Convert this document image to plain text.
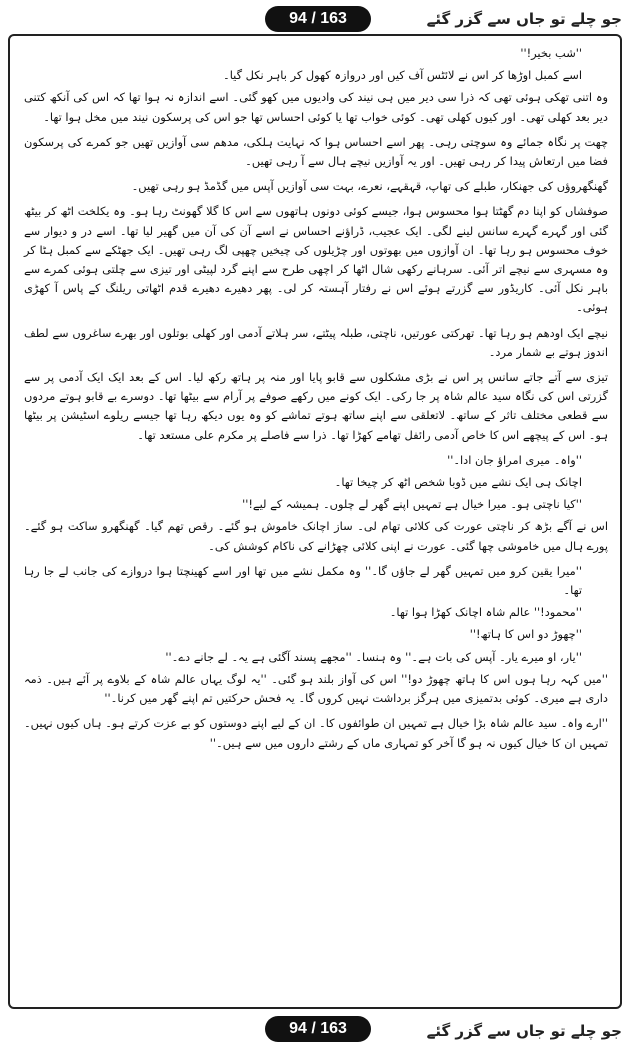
94 / 163	جو چلے تو جاں سے گزر گئے

''شب بخیر!''

اسے کمبل اوڑھا کر اس نے لائٹس آف کیں اور دروازہ کھول کر باہر نکل گیا۔

وہ اتنی تھکی ہوئی تھی کہ ذرا سی دیر میں ہی نیند کی وادیوں میں کھو گئی۔ اسے اندازہ نہ ہوا تھا کہ اس کی آنکھ کتنی دیر بعد کھلی تھی۔ اور کیوں کھلی تھی۔ کوئی خواب تھا یا کوئی احساس تھا جو اس کی پرسکون نیند میں مخل ہوا تھا۔

چھت پر نگاہ جمائے وہ سوچتی رہی۔ پھر اسے احساس ہوا کہ نہایت ہلکی، مدھم سی آوازیں تھیں جو کمرے کی پرسکون فضا میں ارتعاش پیدا کر رہی تھیں۔ اور یہ آوازیں نیچے ہال سے آ رہی تھیں۔

گھنگھروؤں کی جھنکار، طبلے کی تھاپ، قہقہے، نعرے، بہت سی آوازیں آپس میں گڈمڈ ہو رہی تھیں۔

صوفشاں کو اپنا دم گھٹتا ہوا محسوس ہوا، جیسے کوئی دونوں ہاتھوں سے اس کا گلا گھونٹ رہا ہو۔ وہ یکلخت اٹھ کر بیٹھ گئی اور گہرے گہرے سانس لینے لگی۔ ایک عجیب، ڈراؤنے احساس نے اسے آن کی آن میں گھیر لیا تھا۔ اسے در و دیوار سے خوف محسوس ہو رہا تھا۔ ان آوازوں میں بھوتوں اور چڑیلوں کی چیخیں چھپی لگ رہی تھیں۔ ایک جھٹکے سے کمبل ہٹا کر وہ مسہری سے نیچے اتر آئی۔ سرہانے رکھی شال اٹھا کر اچھی طرح سے اپنے گرد لپیٹی اور تیزی سے چلتی ہوئی کمرے سے باہر نکل آئی۔ کاریڈور سے گزرتے ہوئے اس نے رفتار آہستہ کر لی۔ پھر دھیرے دھیرے قدم اٹھاتی ریلنگ کے پاس آ کھڑی ہوئی۔

نیچے ایک اودھم ہو رہا تھا۔ تھرکتی عورتیں، ناچتی، طبلہ پیٹتے، سر ہلاتے آدمی اور کھلی بوتلوں اور بھرے ساغروں سے لطف اندوز ہوتے بے شمار مرد۔

تیزی سے آتے جاتے سانس پر اس نے بڑی مشکلوں سے قابو پایا اور منہ پر ہاتھ رکھ لیا۔ اس کے بعد ایک ایک آدمی پر سے گزرتی اس کی نگاہ سید عالم شاہ پر جا رکی۔ ایک کونے میں رکھے صوفے پر آرام سے بیٹھا تھا۔ دوسرے بے قابو ہوتے مردوں سے قطعی مختلف تاثر کے ساتھ۔ لاتعلقی سے اپنے ساتھ ہوتے تماشے کو وہ یوں دیکھ رہا تھا جیسے ریلوے اسٹیشن پر بیٹھا ہو۔ اس کے پیچھے اس کا خاص آدمی رائفل تھامے کھڑا تھا۔ ذرا سے فاصلے پر مکرم علی مستعد تھا۔

''واہ۔ میری امراؤ جان ادا۔''

اچانک ہی ایک نشے میں ڈوبا شخص اٹھ کر چیخا تھا۔

''کیا ناچتی ہو۔ میرا خیال ہے تمہیں اپنے گھر لے چلوں۔ ہمیشہ کے لیے!''

اس نے آگے بڑھ کر ناچتی عورت کی کلائی تھام لی۔ ساز اچانک خاموش ہو گئے۔ رقص تھم گیا۔ گھنگھرو ساکت ہو گئے۔ پورے ہال میں خاموشی چھا گئی۔ عورت نے اپنی کلائی چھڑانے کی ناکام کوشش کی۔

''میرا یقین کرو میں تمہیں گھر لے جاؤں گا۔'' وہ مکمل نشے میں تھا اور اسے کھینچتا ہوا دروازے کی جانب لے جا رہا تھا۔

''محمود!'' عالم شاہ اچانک کھڑا ہوا تھا۔

''چھوڑ دو اس کا ہاتھ!''

''یار، او میرے یار۔ آپس کی بات ہے۔'' وہ ہنسا۔ ''مجھے پسند آگئی ہے یہ۔ لے جانے دے۔''

''میں کہہ رہا ہوں اس کا ہاتھ چھوڑ دو!'' اس کی آواز بلند ہو گئی۔ ''یہ لوگ یہاں عالم شاہ کے بلاوے پر آئے ہیں۔ ذمہ داری ہے میری۔ کوئی بدتمیزی میں ہرگز برداشت نہیں کروں گا۔ یہ فحش حرکتیں تم اپنے گھر میں کرنا۔''

''ارے واہ۔ سید عالم شاہ بڑا خیال ہے تمہیں ان طوائفوں کا۔ ان کے لیے اپنے دوستوں کو بے عزت کرتے ہو۔ ہاں کیوں نہیں۔ تمہیں ان کا خیال کیوں نہ ہو گا آخر کو تمہاری ماں کے رشتے داروں میں سے ہیں۔''

94 / 163	جو چلے تو جاں سے گزر گئے
